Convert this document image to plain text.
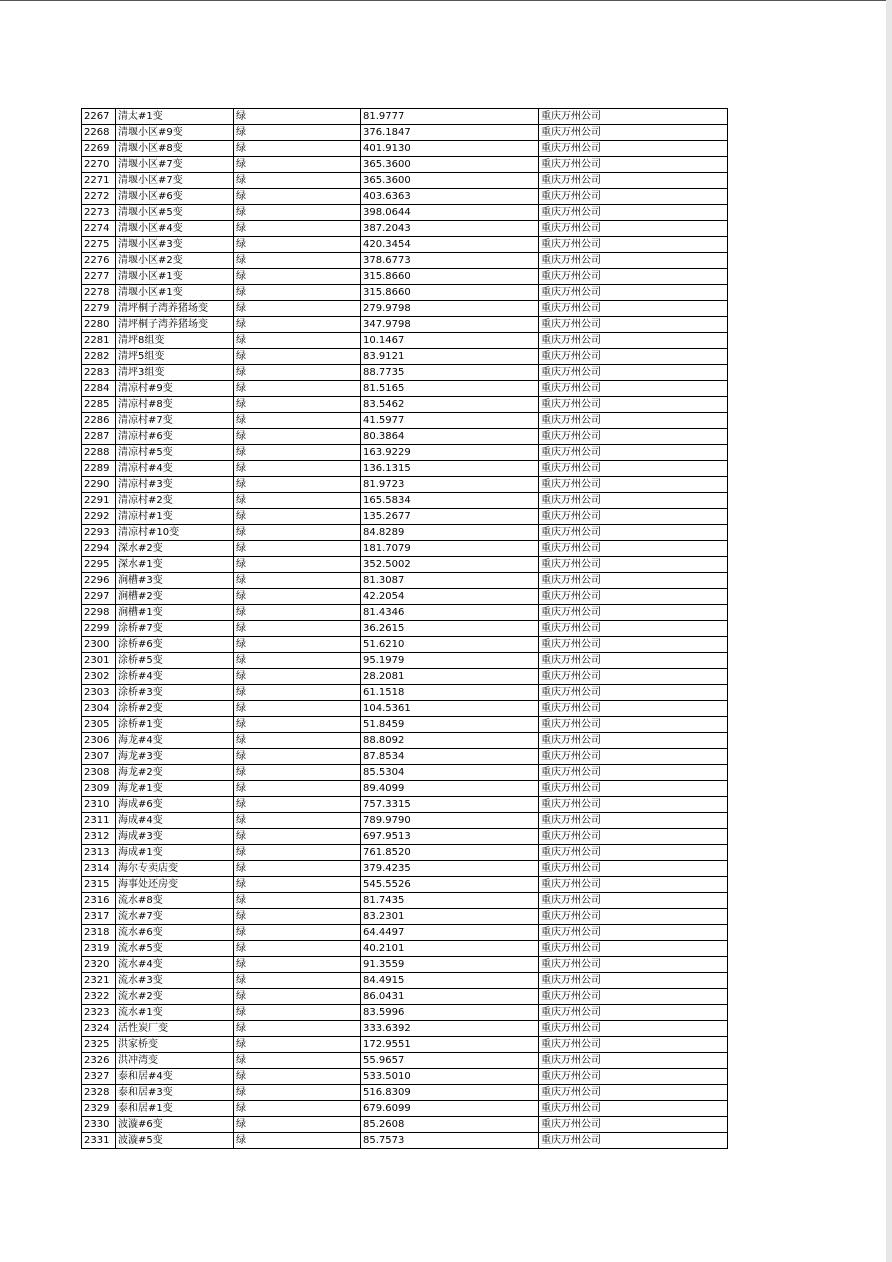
2267	清太#1变	绿	81.9777	重庆万州公司
2268	清堰小区#9变	绿	376.1847	重庆万州公司
2269	清堰小区#8变	绿	401.9130	重庆万州公司
2270	清堰小区#7变	绿	365.3600	重庆万州公司
2271	清堰小区#7变	绿	365.3600	重庆万州公司
2272	清堰小区#6变	绿	403.6363	重庆万州公司
2273	清堰小区#5变	绿	398.0644	重庆万州公司
2274	清堰小区#4变	绿	387.2043	重庆万州公司
2275	清堰小区#3变	绿	420.3454	重庆万州公司
2276	清堰小区#2变	绿	378.6773	重庆万州公司
2277	清堰小区#1变	绿	315.8660	重庆万州公司
2278	清堰小区#1变	绿	315.8660	重庆万州公司
2279	清坪桐子湾养猪场变	绿	279.9798	重庆万州公司
2280	清坪桐子湾养猪场变	绿	347.9798	重庆万州公司
2281	清坪8组变	绿	10.1467	重庆万州公司
2282	清坪5组变	绿	83.9121	重庆万州公司
2283	清坪3组变	绿	88.7735	重庆万州公司
2284	清凉村#9变	绿	81.5165	重庆万州公司
2285	清凉村#8变	绿	83.5462	重庆万州公司
2286	清凉村#7变	绿	41.5977	重庆万州公司
2287	清凉村#6变	绿	80.3864	重庆万州公司
2288	清凉村#5变	绿	163.9229	重庆万州公司
2289	清凉村#4变	绿	136.1315	重庆万州公司
2290	清凉村#3变	绿	81.9723	重庆万州公司
2291	清凉村#2变	绿	165.5834	重庆万州公司
2292	清凉村#1变	绿	135.2677	重庆万州公司
2293	清凉村#10变	绿	84.8289	重庆万州公司
2294	深水#2变	绿	181.7079	重庆万州公司
2295	深水#1变	绿	352.5002	重庆万州公司
2296	涧槽#3变	绿	81.3087	重庆万州公司
2297	涧槽#2变	绿	42.2054	重庆万州公司
2298	涧槽#1变	绿	81.4346	重庆万州公司
2299	涂桥#7变	绿	36.2615	重庆万州公司
2300	涂桥#6变	绿	51.6210	重庆万州公司
2301	涂桥#5变	绿	95.1979	重庆万州公司
2302	涂桥#4变	绿	28.2081	重庆万州公司
2303	涂桥#3变	绿	61.1518	重庆万州公司
2304	涂桥#2变	绿	104.5361	重庆万州公司
2305	涂桥#1变	绿	51.8459	重庆万州公司
2306	海龙#4变	绿	88.8092	重庆万州公司
2307	海龙#3变	绿	87.8534	重庆万州公司
2308	海龙#2变	绿	85.5304	重庆万州公司
2309	海龙#1变	绿	89.4099	重庆万州公司
2310	海成#6变	绿	757.3315	重庆万州公司
2311	海成#4变	绿	789.9790	重庆万州公司
2312	海成#3变	绿	697.9513	重庆万州公司
2313	海成#1变	绿	761.8520	重庆万州公司
2314	海尔专卖店变	绿	379.4235	重庆万州公司
2315	海事处还房变	绿	545.5526	重庆万州公司
2316	流水#8变	绿	81.7435	重庆万州公司
2317	流水#7变	绿	83.2301	重庆万州公司
2318	流水#6变	绿	64.4497	重庆万州公司
2319	流水#5变	绿	40.2101	重庆万州公司
2320	流水#4变	绿	91.3559	重庆万州公司
2321	流水#3变	绿	84.4915	重庆万州公司
2322	流水#2变	绿	86.0431	重庆万州公司
2323	流水#1变	绿	83.5996	重庆万州公司
2324	活性炭厂变	绿	333.6392	重庆万州公司
2325	洪家桥变	绿	172.9551	重庆万州公司
2326	洪冲湾变	绿	55.9657	重庆万州公司
2327	泰和居#4变	绿	533.5010	重庆万州公司
2328	泰和居#3变	绿	516.8309	重庆万州公司
2329	泰和居#1变	绿	679.6099	重庆万州公司
2330	波漩#6变	绿	85.2608	重庆万州公司
2331	波漩#5变	绿	85.7573	重庆万州公司
